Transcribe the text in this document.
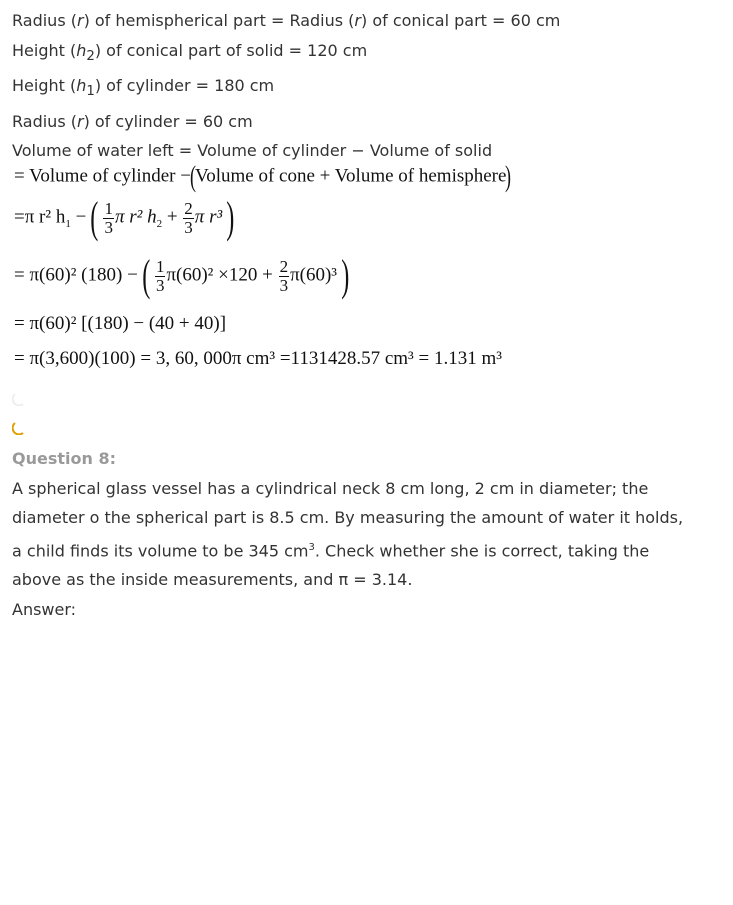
Radius (r) of hemispherical part = Radius (r) of conical part = 60 cm
Height $(h_2)$ of conical part of solid = 120 cm
Height $(h_1)$ of cylinder = 180 cm
Radius (r) of cylinder = 60 cm
Volume of water left = Volume of cylinder − Volume of solid
= Volume of cylinder −(Volume of cone + Volume of hemisphere)
=π r² $h_1$ − ( $\frac{1}{3}$ π r² $h_2 + \frac{2}{3}$ π r³ )
= π(60)² (180) − ( $\frac{1}{3} \pi(60)^2 \times 120 + \frac{2}{3} \pi(60)^3$ )
= π(60)² [(180) − (40 + 40)]
= π(3,600)(100) = 3, 60, 000π cm³ =1131428.57 cm³ = 1.131 m³
Question 8:
A spherical glass vessel has a cylindrical neck 8 cm long, 2 cm in diameter; the
diameter o the spherical part is 8.5 cm. By measuring the amount of water it holds,
a child finds its volume to be 345 $cm^3$. Check whether she is correct, taking the
above as the inside measurements, and π = 3.14.
Answer:
